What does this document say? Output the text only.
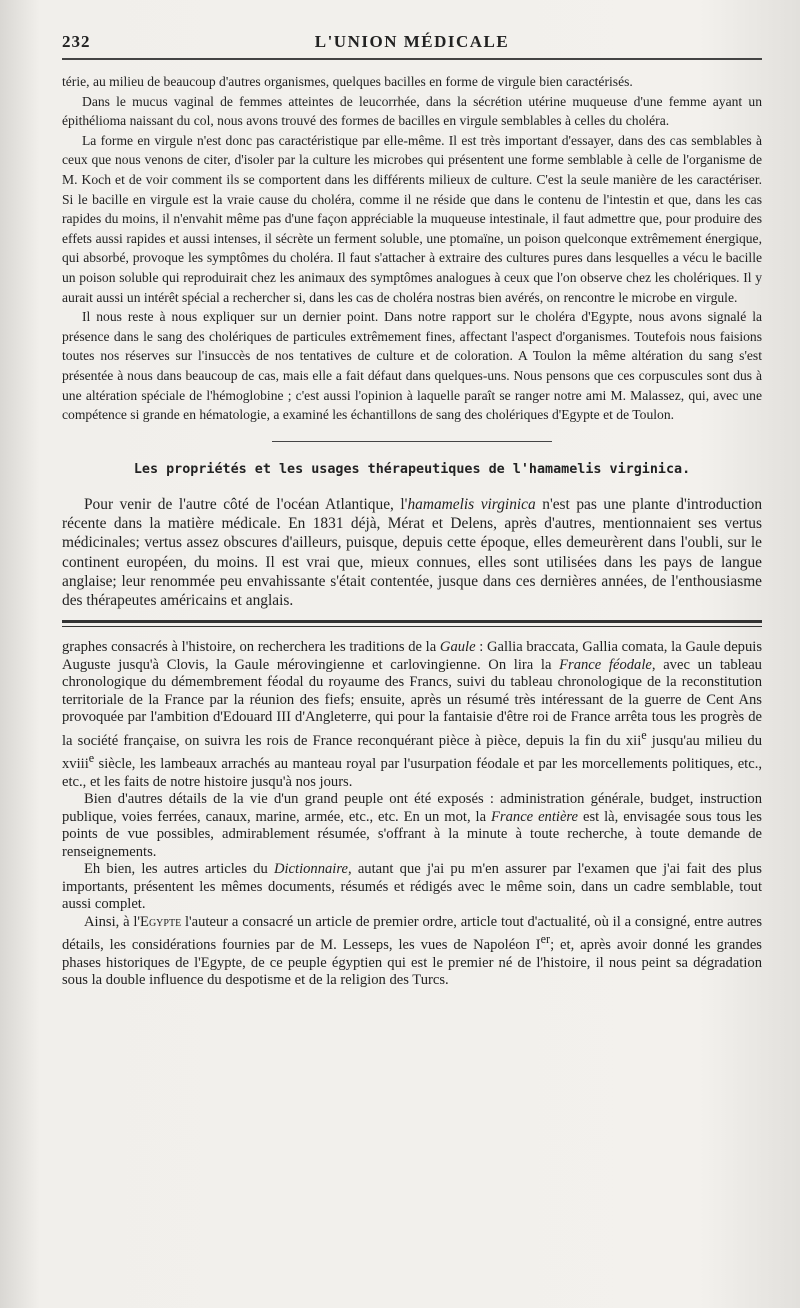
232	L'UNION MÉDICALE

térie, au milieu de beaucoup d'autres organismes, quelques bacilles en forme de virgule bien caractérisés.

Dans le mucus vaginal de femmes atteintes de leucorrhée, dans la sécrétion utérine muqueuse d'une femme ayant un épithélioma naissant du col, nous avons trouvé des formes de bacilles en virgule semblables à celles du choléra.

La forme en virgule n'est donc pas caractéristique par elle-même. Il est très important d'essayer, dans des cas semblables à ceux que nous venons de citer, d'isoler par la culture les microbes qui présentent une forme semblable à celle de l'organisme de M. Koch et de voir comment ils se comportent dans les différents milieux de culture. C'est la seule manière de les caractériser. Si le bacille en virgule est la vraie cause du choléra, comme il ne réside que dans le contenu de l'intestin et que, dans les cas rapides du moins, il n'envahit même pas d'une façon appréciable la muqueuse intestinale, il faut admettre que, pour produire des effets aussi rapides et aussi intenses, il sécrète un ferment soluble, une ptomaïne, un poison quelconque extrêmement énergique, qui absorbé, provoque les symptômes du choléra. Il faut s'attacher à extraire des cultures pures dans lesquelles a vécu le bacille un poison soluble qui reproduirait chez les animaux des symptômes analogues à ceux que l'on observe chez les cholériques. Il y aurait aussi un intérêt spécial a rechercher si, dans les cas de choléra nostras bien avérés, on rencontre le microbe en virgule.

Il nous reste à nous expliquer sur un dernier point. Dans notre rapport sur le choléra d'Egypte, nous avons signalé la présence dans le sang des cholériques de particules extrêmement fines, affectant l'aspect d'organismes. Toutefois nous faisions toutes nos réserves sur l'insuccès de nos tentatives de culture et de coloration. A Toulon la même altération du sang s'est présentée à nous dans beaucoup de cas, mais elle a fait défaut dans quelques-uns. Nous pensons que ces corpuscules sont dus à une altération spéciale de l'hémoglobine ; c'est aussi l'opinion à laquelle paraît se ranger notre ami M. Malassez, qui, avec une compétence si grande en hématologie, a examiné les échantillons de sang des cholériques d'Egypte et de Toulon.

Les propriétés et les usages thérapeutiques de l'hamamelis virginica.

Pour venir de l'autre côté de l'océan Atlantique, l'hamamelis virginica n'est pas une plante d'introduction récente dans la matière médicale. En 1831 déjà, Mérat et Delens, après d'autres, mentionnaient ses vertus médicinales; vertus assez obscures d'ailleurs, puisque, depuis cette époque, elles demeurèrent dans l'oubli, sur le continent européen, du moins. Il est vrai que, mieux connues, elles sont utilisées dans les pays de langue anglaise; leur renommée peu envahissante s'était contentée, jusque dans ces dernières années, de l'enthousiasme des thérapeutes américains et anglais.

graphes consacrés à l'histoire, on recherchera les traditions de la Gaule : Gallia braccata, Gallia comata, la Gaule depuis Auguste jusqu'à Clovis, la Gaule mérovingienne et carlovingienne. On lira la France féodale, avec un tableau chronologique du démembrement féodal du royaume des Francs, suivi du tableau chronologique de la reconstitution territoriale de la France par la réunion des fiefs; ensuite, après un résumé très intéressant de la guerre de Cent Ans provoquée par l'ambition d'Edouard III d'Angleterre, qui pour la fantaisie d'être roi de France arrêta tous les progrès de la société française, on suivra les rois de France reconquérant pièce à pièce, depuis la fin du xii$^e$ jusqu'au milieu du xviii$^e$ siècle, les lambeaux arrachés au manteau royal par l'usurpation féodale et par les morcellements politiques, etc., etc., et les faits de notre histoire jusqu'à nos jours.

Bien d'autres détails de la vie d'un grand peuple ont été exposés : administration générale, budget, instruction publique, voies ferrées, canaux, marine, armée, etc., etc. En un mot, la France entière est là, envisagée sous tous les points de vue possibles, admirablement résumée, s'offrant à la minute à toute recherche, à toute demande de renseignements.

Eh bien, les autres articles du Dictionnaire, autant que j'ai pu m'en assurer par l'examen que j'ai fait des plus importants, présentent les mêmes documents, résumés et rédigés avec le même soin, dans un cadre semblable, tout aussi complet.

Ainsi, à l'Egypte l'auteur a consacré un article de premier ordre, article tout d'actualité, où il a consigné, entre autres détails, les considérations fournies par de M. Lesseps, les vues de Napoléon Ier; et, après avoir donné les grandes phases historiques de l'Egypte, de ce peuple égyptien qui est le premier né de l'histoire, il nous peint sa dégradation sous la double influence du despotisme et de la religion des Turcs.
